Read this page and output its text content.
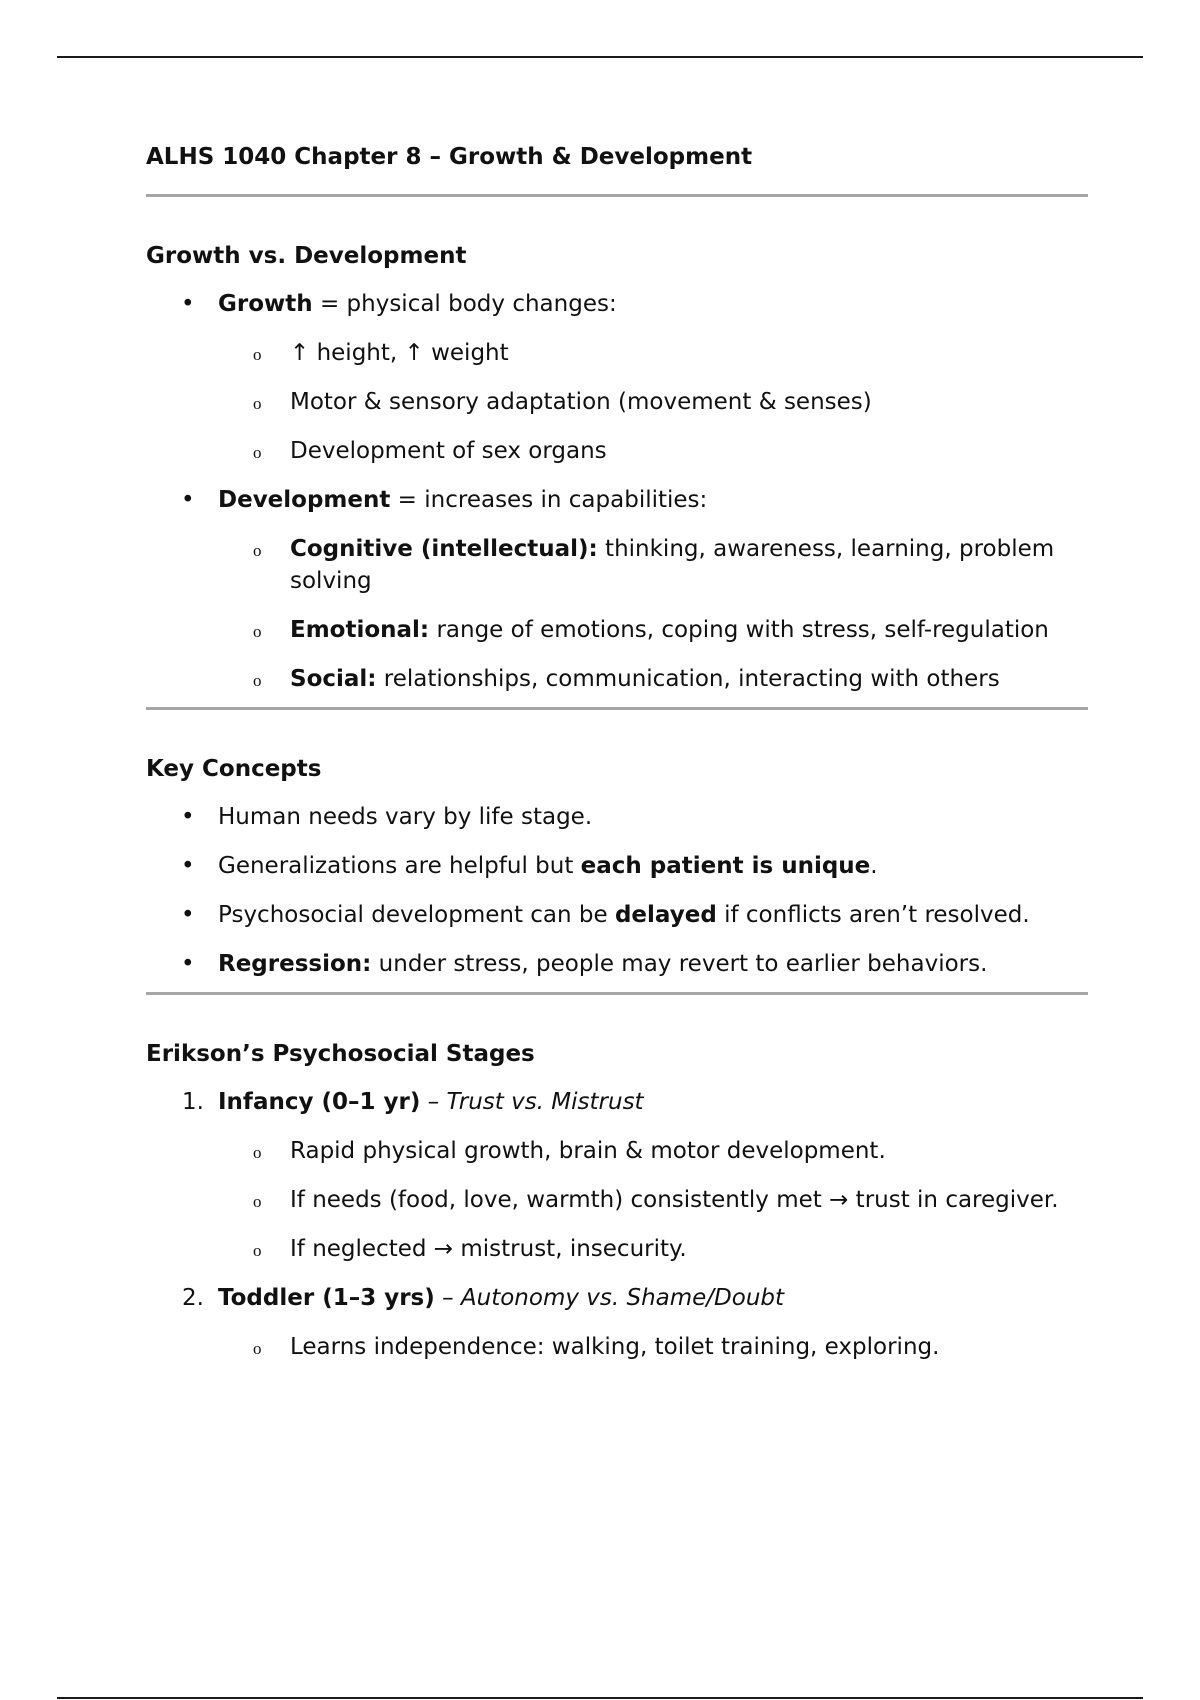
ALHS 1040 Chapter 8 – Growth & Development
Growth vs. Development
• Growth = physical body changes:
o ↑ height, ↑ weight
o Motor & sensory adaptation (movement & senses)
o Development of sex organs
• Development = increases in capabilities:
o Cognitive (intellectual): thinking, awareness, learning, problem solving
o Emotional: range of emotions, coping with stress, self-regulation
o Social: relationships, communication, interacting with others
Key Concepts
• Human needs vary by life stage.
• Generalizations are helpful but each patient is unique.
• Psychosocial development can be delayed if conflicts aren’t resolved.
• Regression: under stress, people may revert to earlier behaviors.
Erikson’s Psychosocial Stages
1. Infancy (0–1 yr) – Trust vs. Mistrust
o Rapid physical growth, brain & motor development.
o If needs (food, love, warmth) consistently met → trust in caregiver.
o If neglected → mistrust, insecurity.
2. Toddler (1–3 yrs) – Autonomy vs. Shame/Doubt
o Learns independence: walking, toilet training, exploring.
